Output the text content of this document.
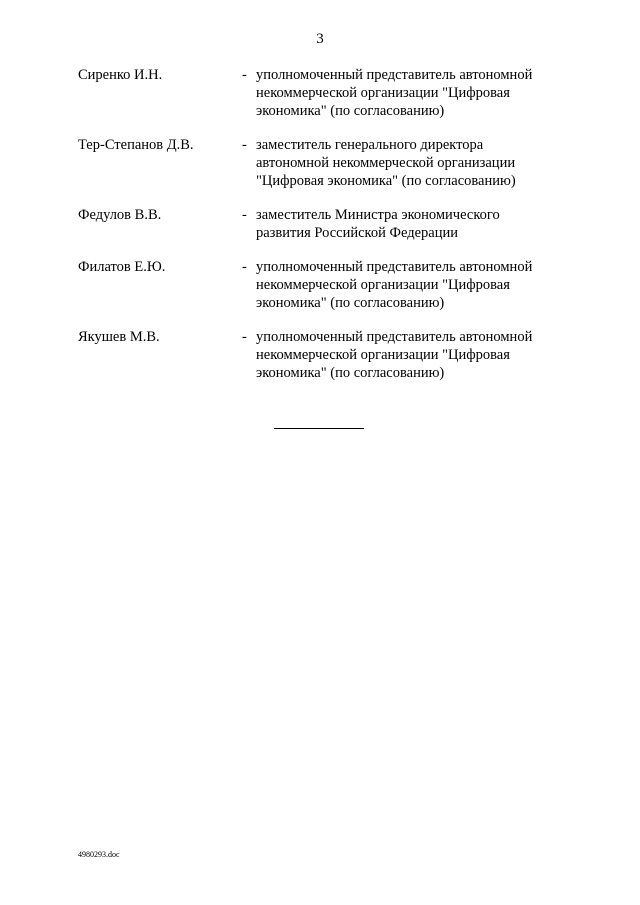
3
Сиренко И.Н.	- уполномоченный представитель автономной
некоммерческой организации "Цифровая
экономика" (по согласованию)
Тер-Степанов Д.В.	- заместитель генерального директора
автономной некоммерческой организации
"Цифровая экономика" (по согласованию)
Федулов В.В.	- заместитель Министра экономического
развития Российской Федерации
Филатов Е.Ю.	- уполномоченный представитель автономной
некоммерческой организации "Цифровая
экономика" (по согласованию)
Якушев М.В.	- уполномоченный представитель автономной
некоммерческой организации "Цифровая
экономика" (по согласованию)
4980293.doc
